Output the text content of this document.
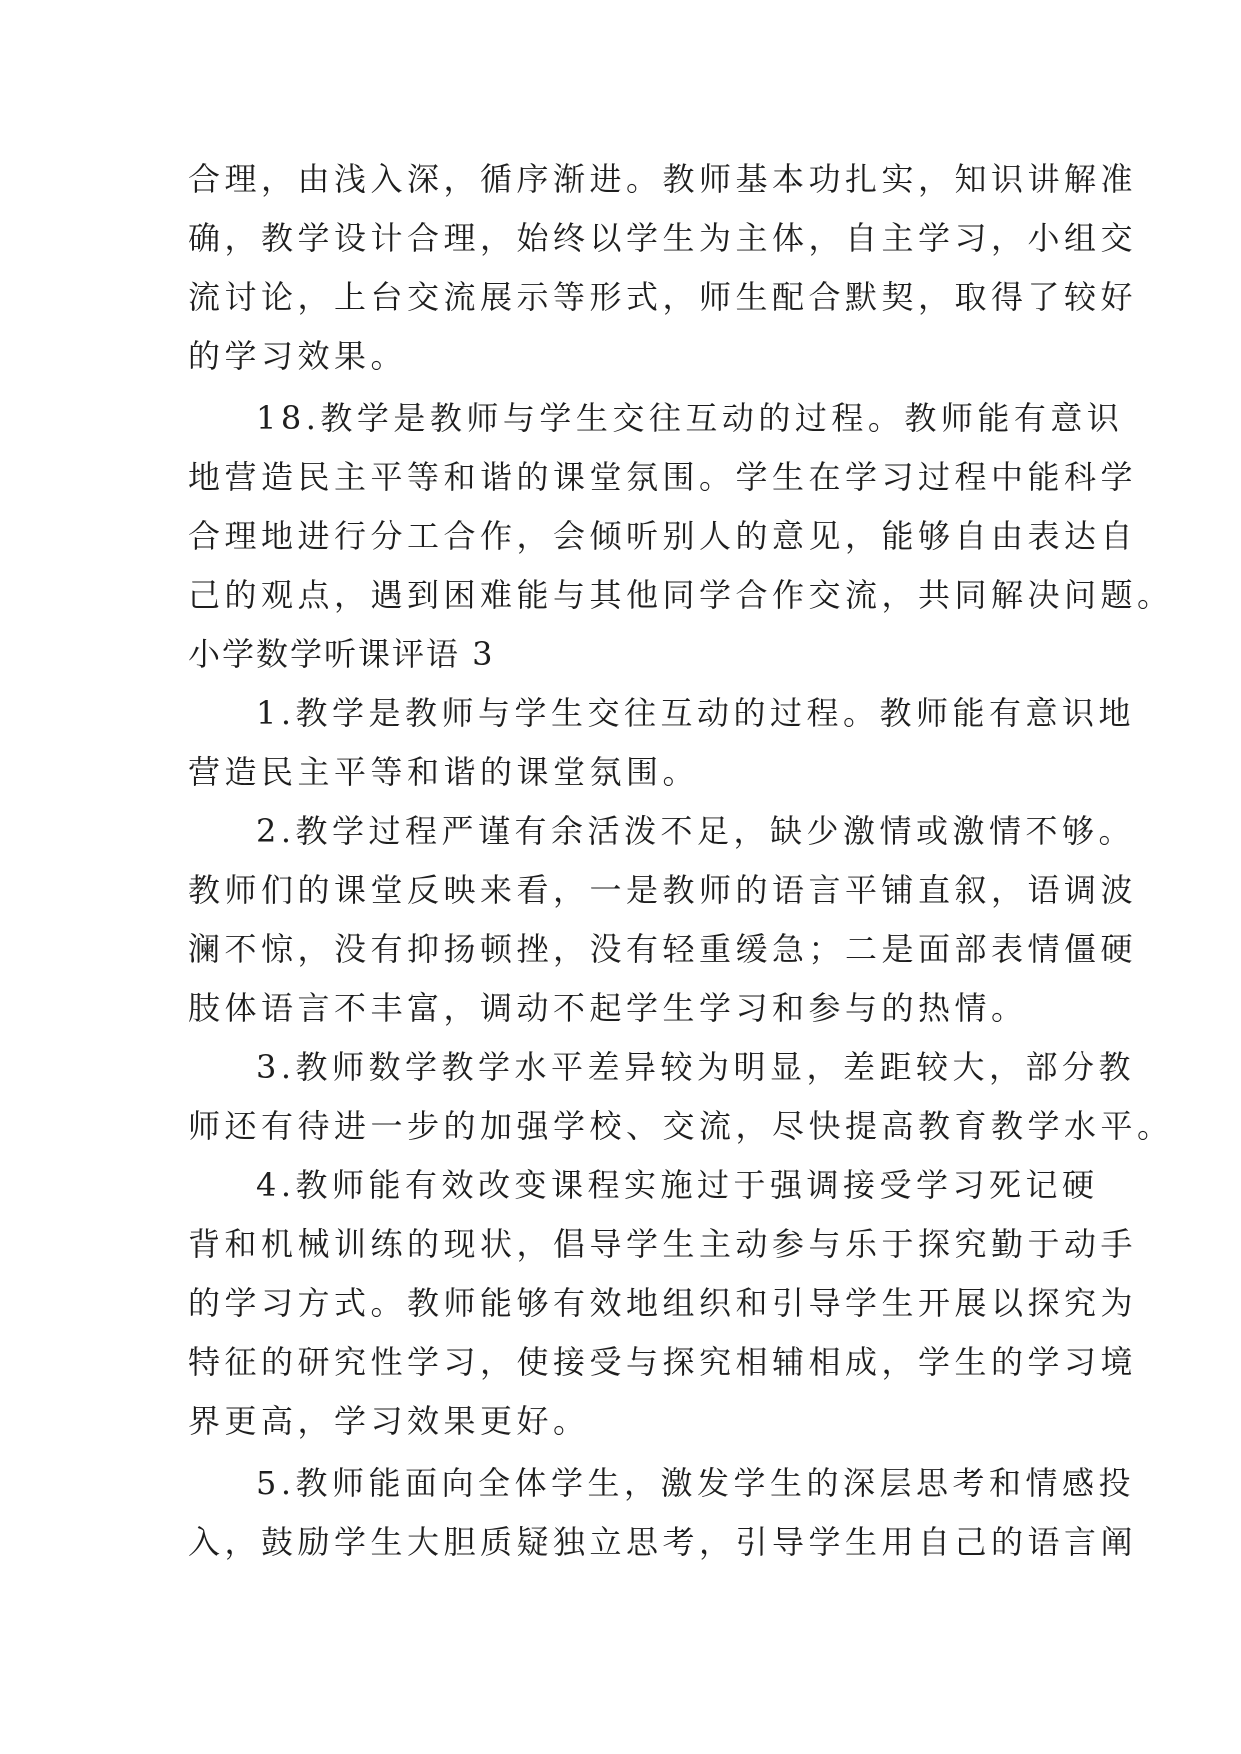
合理，由浅入深，循序渐进。教师基本功扎实，知识讲解准
确，教学设计合理，始终以学生为主体，自主学习，小组交
流讨论，上台交流展示等形式，师生配合默契，取得了较好
的学习效果。
18.教学是教师与学生交往互动的过程。教师能有意识
地营造民主平等和谐的课堂氛围。学生在学习过程中能科学
合理地进行分工合作，会倾听别人的意见，能够自由表达自
己的观点，遇到困难能与其他同学合作交流，共同解决问题。
小学数学听课评语 3
1.教学是教师与学生交往互动的过程。教师能有意识地
营造民主平等和谐的课堂氛围。
2.教学过程严谨有余活泼不足，缺少激情或激情不够。
教师们的课堂反映来看，一是教师的语言平铺直叙，语调波
澜不惊，没有抑扬顿挫，没有轻重缓急；二是面部表情僵硬
肢体语言不丰富，调动不起学生学习和参与的热情。
3.教师数学教学水平差异较为明显，差距较大，部分教
师还有待进一步的加强学校、交流，尽快提高教育教学水平。
4.教师能有效改变课程实施过于强调接受学习死记硬
背和机械训练的现状，倡导学生主动参与乐于探究勤于动手
的学习方式。教师能够有效地组织和引导学生开展以探究为
特征的研究性学习，使接受与探究相辅相成，学生的学习境
界更高，学习效果更好。
5.教师能面向全体学生，激发学生的深层思考和情感投
入，鼓励学生大胆质疑独立思考，引导学生用自己的语言阐
